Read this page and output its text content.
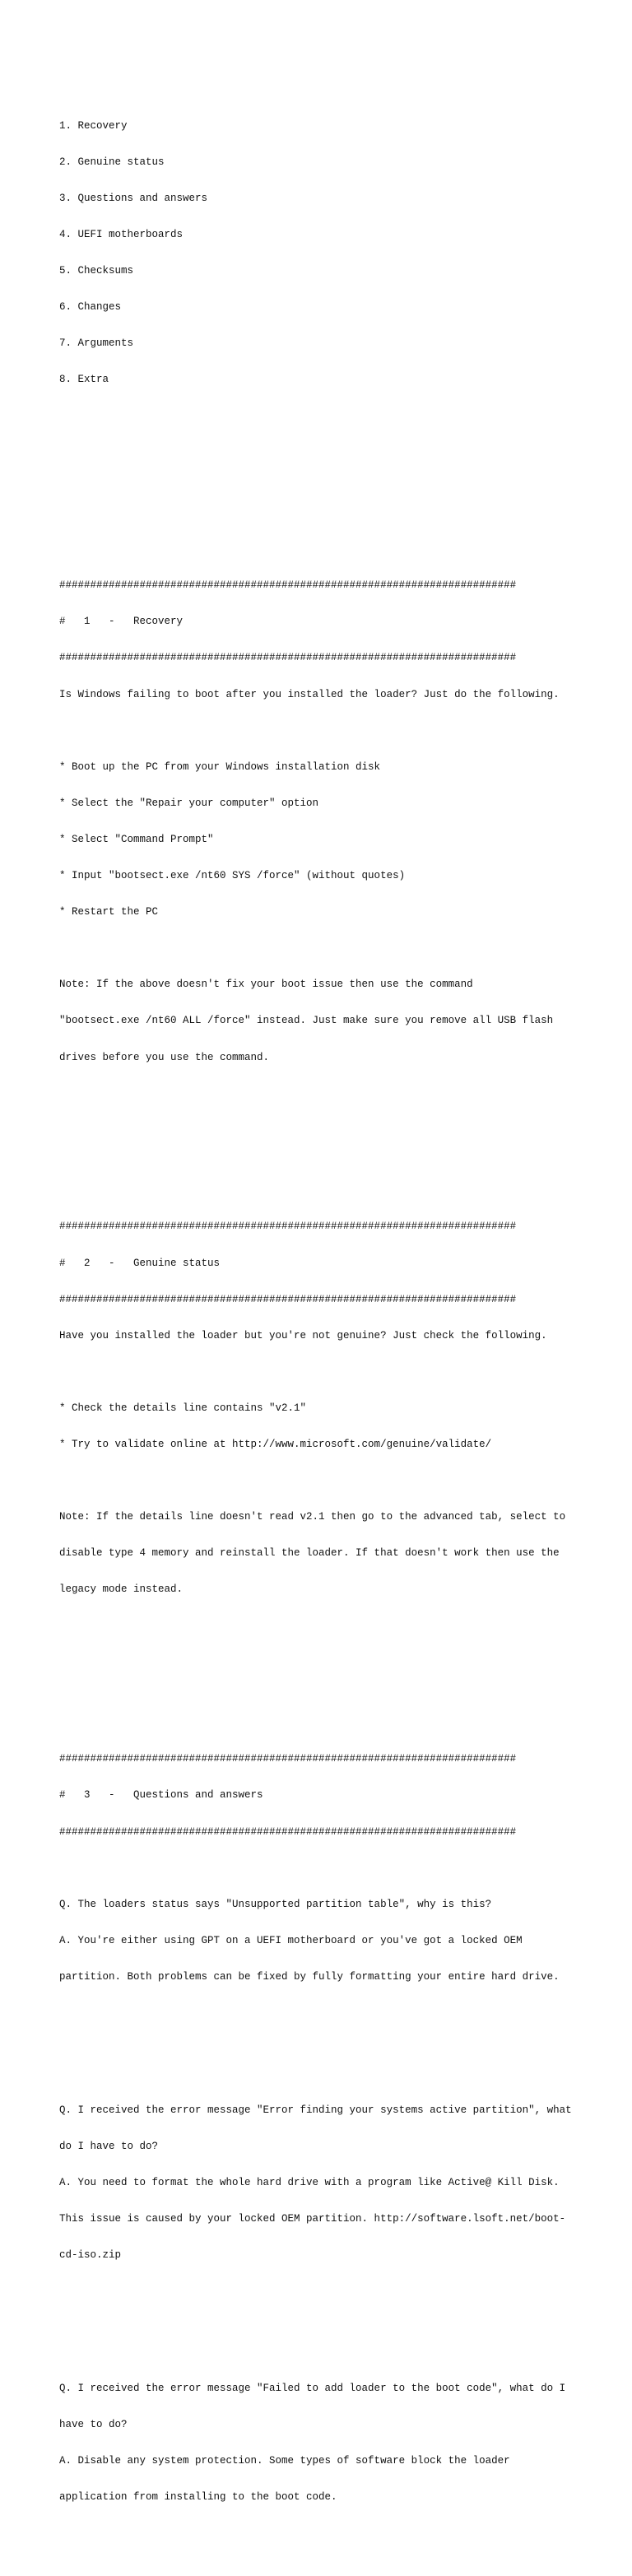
1. Recovery

2. Genuine status

3. Questions and answers

4. UEFI motherboards

5. Checksums

6. Changes

7. Arguments

8. Extra

##########################################################################

#   1   -   Recovery

##########################################################################

Is Windows failing to boot after you installed the loader? Just do the following.

* Boot up the PC from your Windows installation disk

* Select the "Repair your computer" option

* Select "Command Prompt"

* Input "bootsect.exe /nt60 SYS /force" (without quotes)

* Restart the PC

Note: If the above doesn't fix your boot issue then use the command

"bootsect.exe /nt60 ALL /force" instead. Just make sure you remove all USB flash

drives before you use the command.

##########################################################################

#   2   -   Genuine status

##########################################################################

Have you installed the loader but you're not genuine? Just check the following.

* Check the details line contains "v2.1"

* Try to validate online at http://www.microsoft.com/genuine/validate/

Note: If the details line doesn't read v2.1 then go to the advanced tab, select to

disable type 4 memory and reinstall the loader. If that doesn't work then use the

legacy mode instead.

##########################################################################

#   3   -   Questions and answers

##########################################################################

Q. The loaders status says "Unsupported partition table", why is this?

A. You're either using GPT on a UEFI motherboard or you've got a locked OEM

partition. Both problems can be fixed by fully formatting your entire hard drive.

Q. I received the error message "Error finding your systems active partition", what

do I have to do?

A. You need to format the whole hard drive with a program like Active@ Kill Disk.

This issue is caused by your locked OEM partition. http://software.lsoft.net/boot-

cd-iso.zip

Q. I received the error message "Failed to add loader to the boot code", what do I

have to do?

A. Disable any system protection. Some types of software block the loader

application from installing to the boot code.
